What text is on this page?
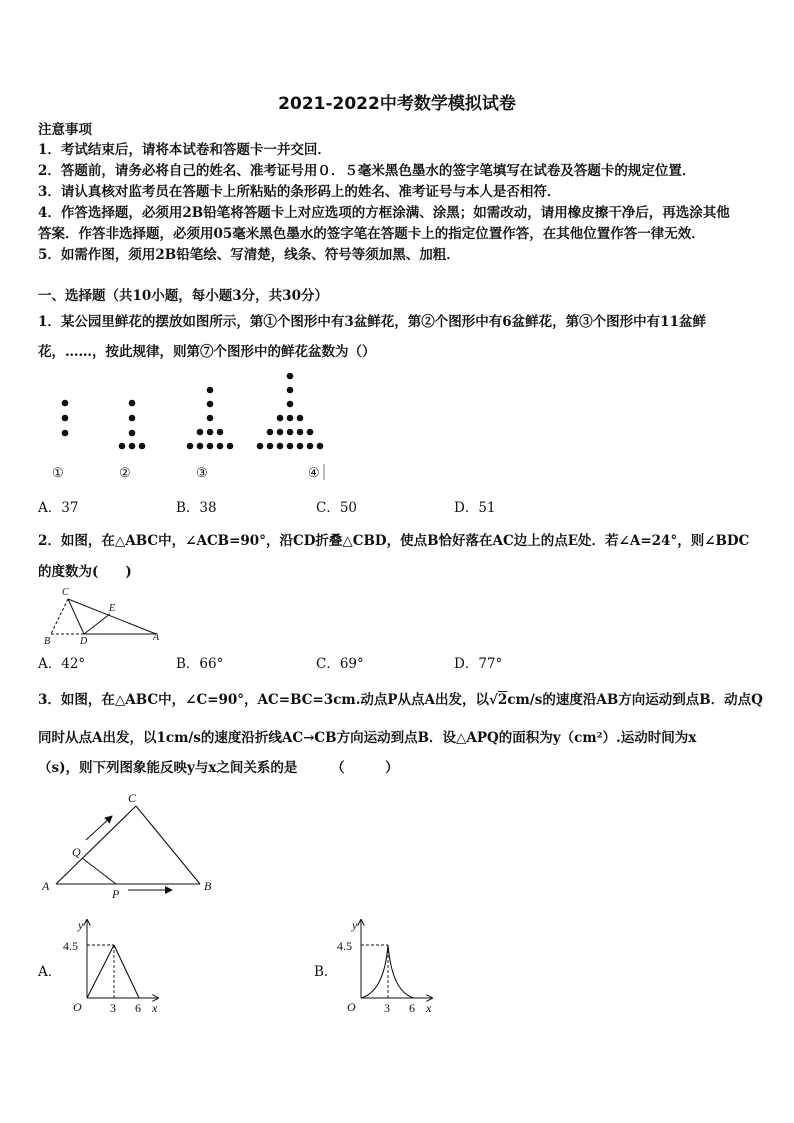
2021-2022中考数学模拟试卷
注意事项
1．考试结束后，请将本试卷和答题卡一并交回．
2．答题前，请务必将自己的姓名、准考证号用０．５毫米黑色墨水的签字笔填写在试卷及答题卡的规定位置．
3．请认真核对监考员在答题卡上所粘贴的条形码上的姓名、准考证号与本人是否相符．
4．作答选择题，必须用2B铅笔将答题卡上对应选项的方框涂满、涂黑；如需改动，请用橡皮擦干净后，再选涂其他
答案．作答非选择题，必须用05毫米黑色墨水的签字笔在答题卡上的指定位置作答，在其他位置作答一律无效．
5．如需作图，须用2B铅笔绘、写清楚，线条、符号等须加黑、加粗．
一、选择题（共10小题，每小题3分，共30分）
1．某公园里鲜花的摆放如图所示，第①个图形中有3盆鲜花，第②个图形中有6盆鲜花，第③个图形中有11盆鲜
花，……，按此规律，则第⑦个图形中的鲜花盆数为（）
①	②	③	④
A．37	B．38	C．50	D．51
2．如图，在△ABC中，∠ACB=90°，沿CD折叠△CBD，使点B恰好落在AC边上的点E处．若∠A=24°，则∠BDC
的度数为(　　)
C
E
B	D	A
A．42°	B．66°	C．69°	D．77°
3．如图，在△ABC中，∠C=90°，AC=BC=3cm.动点P从点A出发，以√2cm/s的速度沿AB方向运动到点B．动点Q
同时从点A出发，以1cm/s的速度沿折线AC→CB方向运动到点B．设△APQ的面积为y（cm²）.运动时间为x
（s)，则下列图象能反映y与x之间关系的是　　　（　　　）
C
Q
A
P
B
A．
y
4.5
O 3 6 x
B．
y
4.5
O 3 6 x
